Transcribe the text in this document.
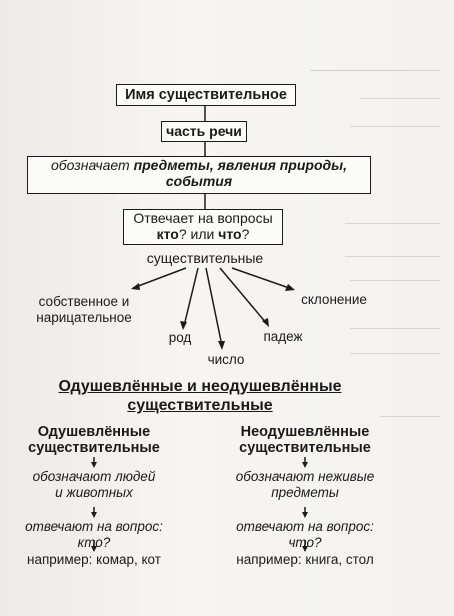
Имя существительное
часть речи
обозначает предметы, явления природы, события
Отвечает на вопросы
кто? или что?
существительные
собственное и
нарицательное
род
число
падеж
склонение
Одушевлённые и неодушевлённые
существительные
Одушевлённые
существительные
обозначают людей
и животных
отвечают на вопрос:
кто?
например: комар, кот
Неодушевлённые
существительные
обозначают неживые
предметы
отвечают на вопрос:
что?
например: книга, стол
